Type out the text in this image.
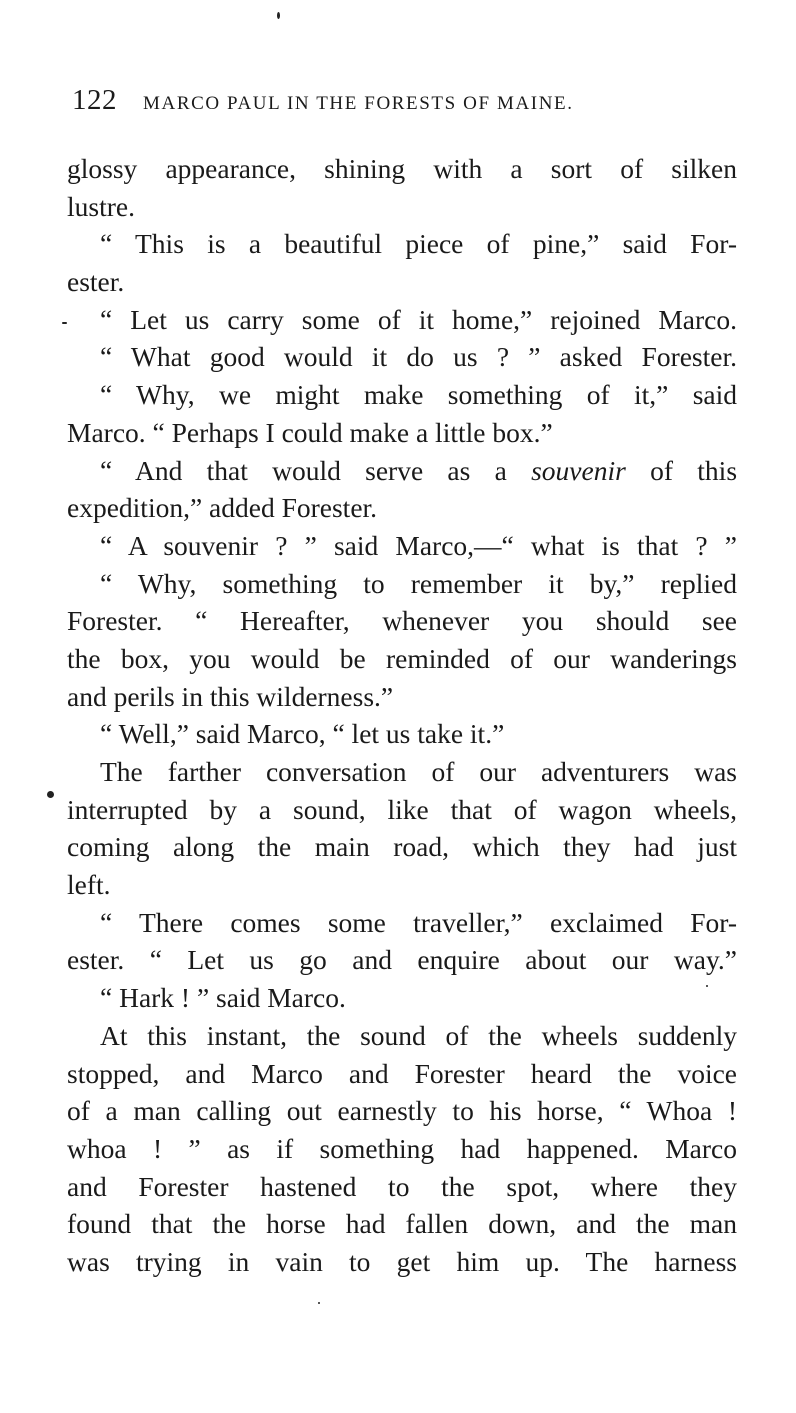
122 MARCO PAUL IN THE FORESTS OF MAINE.
glossy appearance, shining with a sort of silken
lustre.
“ This is a beautiful piece of pine,” said For-
ester.
“ Let us carry some of it home,” rejoined Marco.
“ What good would it do us ? ” asked Forester.
“ Why, we might make something of it,” said
Marco. “ Perhaps I could make a little box.”
“ And that would serve as a souvenir of this
expedition,” added Forester.
“ A souvenir ? ” said Marco,—“ what is that ? ”
“ Why, something to remember it by,” replied
Forester. “ Hereafter, whenever you should see
the box, you would be reminded of our wanderings
and perils in this wilderness.”
“ Well,” said Marco, “ let us take it.”
The farther conversation of our adventurers was
interrupted by a sound, like that of wagon wheels,
coming along the main road, which they had just
left.
“ There comes some traveller,” exclaimed For-
ester. “ Let us go and enquire about our way.”
“ Hark ! ” said Marco.
At this instant, the sound of the wheels suddenly
stopped, and Marco and Forester heard the voice
of a man calling out earnestly to his horse, “ Whoa !
whoa ! ” as if something had happened. Marco
and Forester hastened to the spot, where they
found that the horse had fallen down, and the man
was trying in vain to get him up. The harness
